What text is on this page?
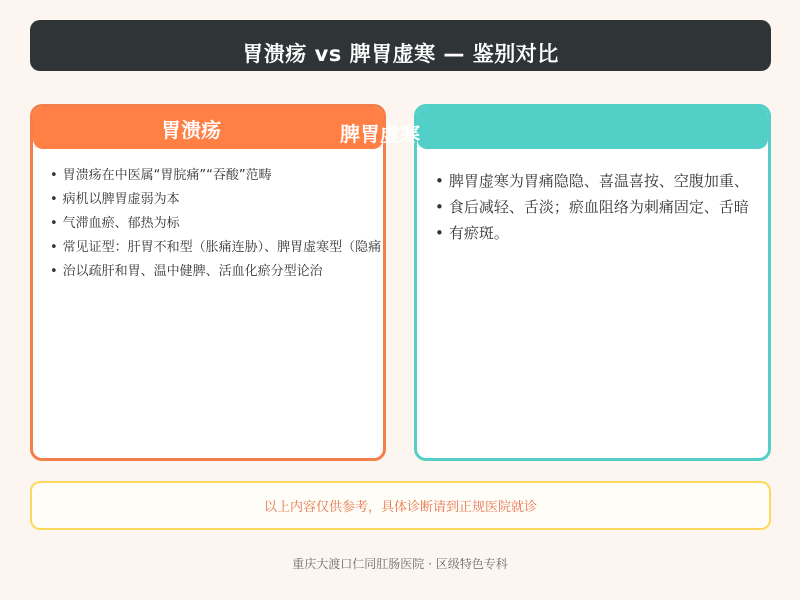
胃溃疡 vs 脾胃虚寒 — 鉴别对比
胃溃疡
• 胃溃疡在中医属“胃脘痛”“吞酸”范畴
• 病机以脾胃虚弱为本
• 气滞血瘀、郁热为标
• 常见证型：肝胃不和型（胀痛连胁）、脾胃虚寒型（隐痛
• 治以疏肝和胃、温中健脾、活血化瘀分型论治
• 脾胃虚寒为胃痛隐隐、喜温喜按、空腹加重、
• 食后减轻、舌淡；瘀血阻络为刺痛固定、舌暗
• 有瘀斑。
脾胃虚寒
以上内容仅供参考，具体诊断请到正规医院就诊
重庆大渡口仁同肛肠医院 · 区级特色专科
